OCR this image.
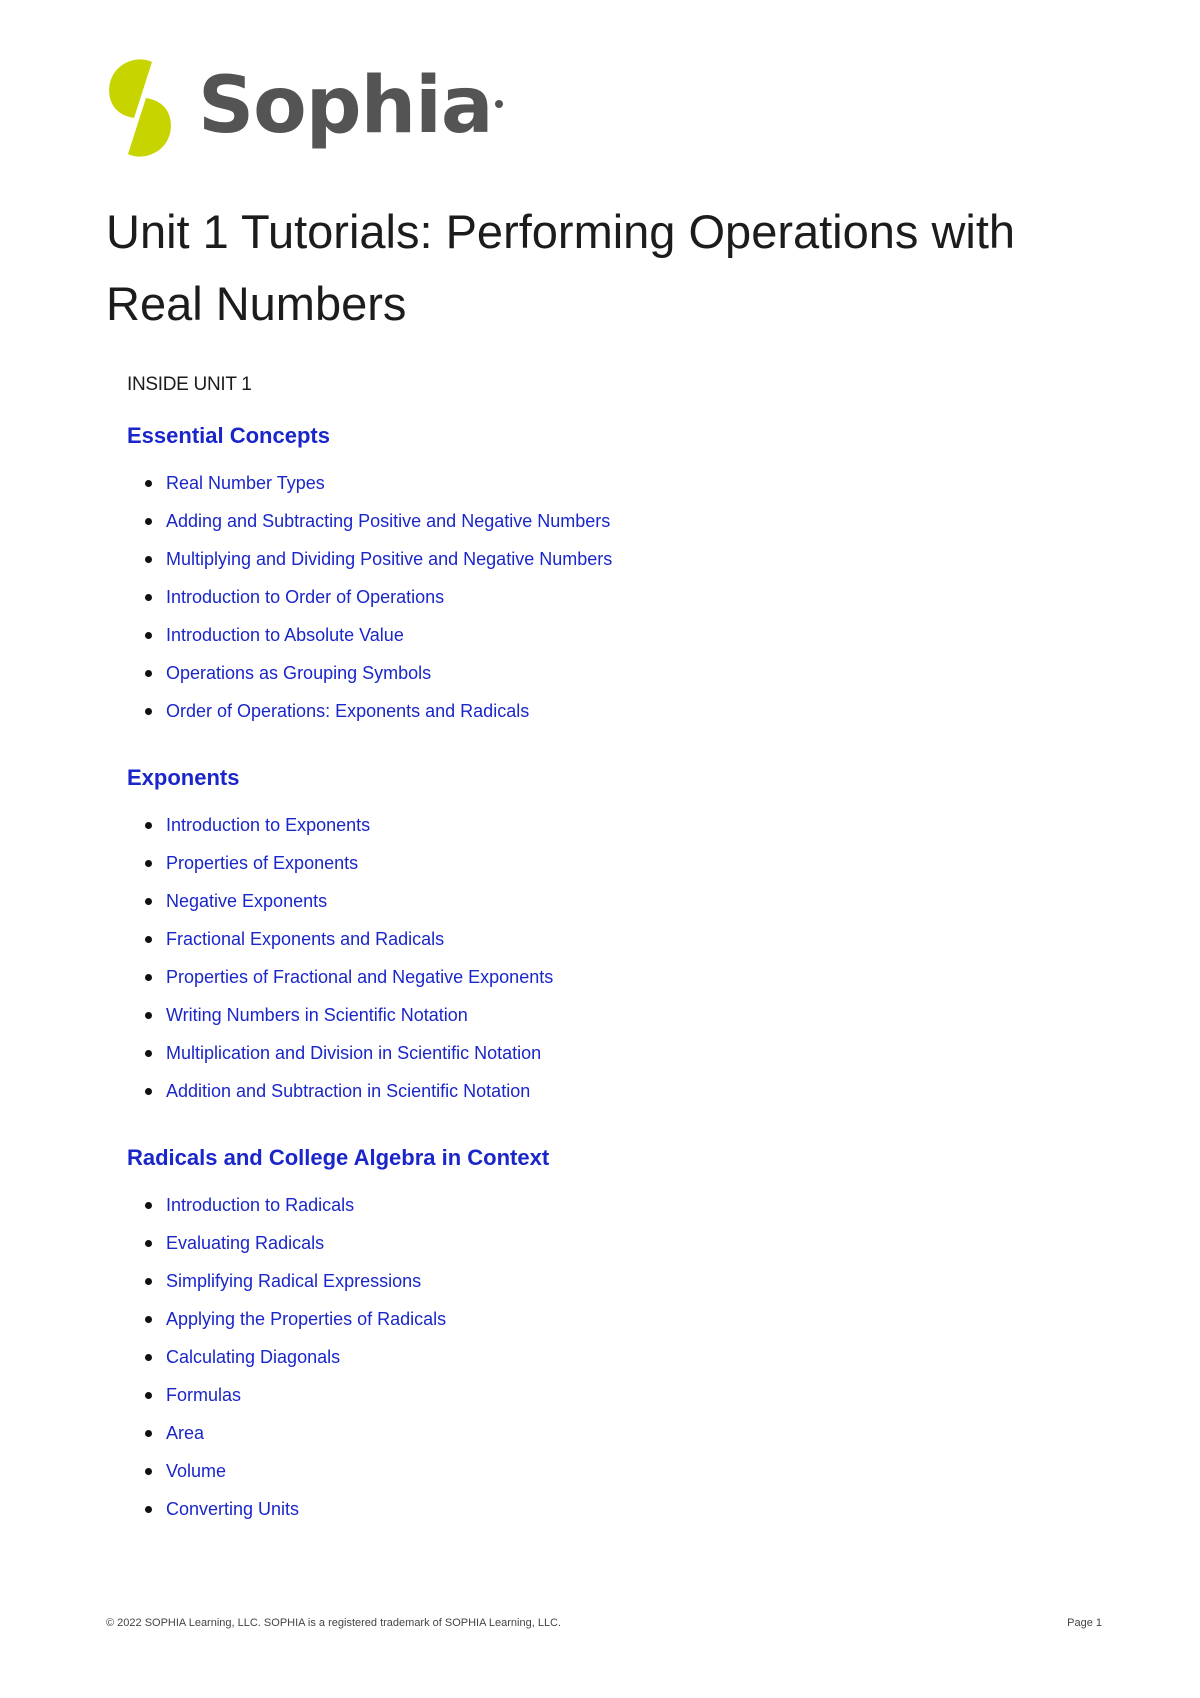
Sophia
Unit 1 Tutorials: Performing Operations with Real Numbers
INSIDE UNIT 1
Essential Concepts
Real Number Types
Adding and Subtracting Positive and Negative Numbers
Multiplying and Dividing Positive and Negative Numbers
Introduction to Order of Operations
Introduction to Absolute Value
Operations as Grouping Symbols
Order of Operations: Exponents and Radicals
Exponents
Introduction to Exponents
Properties of Exponents
Negative Exponents
Fractional Exponents and Radicals
Properties of Fractional and Negative Exponents
Writing Numbers in Scientific Notation
Multiplication and Division in Scientific Notation
Addition and Subtraction in Scientific Notation
Radicals and College Algebra in Context
Introduction to Radicals
Evaluating Radicals
Simplifying Radical Expressions
Applying the Properties of Radicals
Calculating Diagonals
Formulas
Area
Volume
Converting Units
© 2022 SOPHIA Learning, LLC. SOPHIA is a registered trademark of SOPHIA Learning, LLC.	Page 1
